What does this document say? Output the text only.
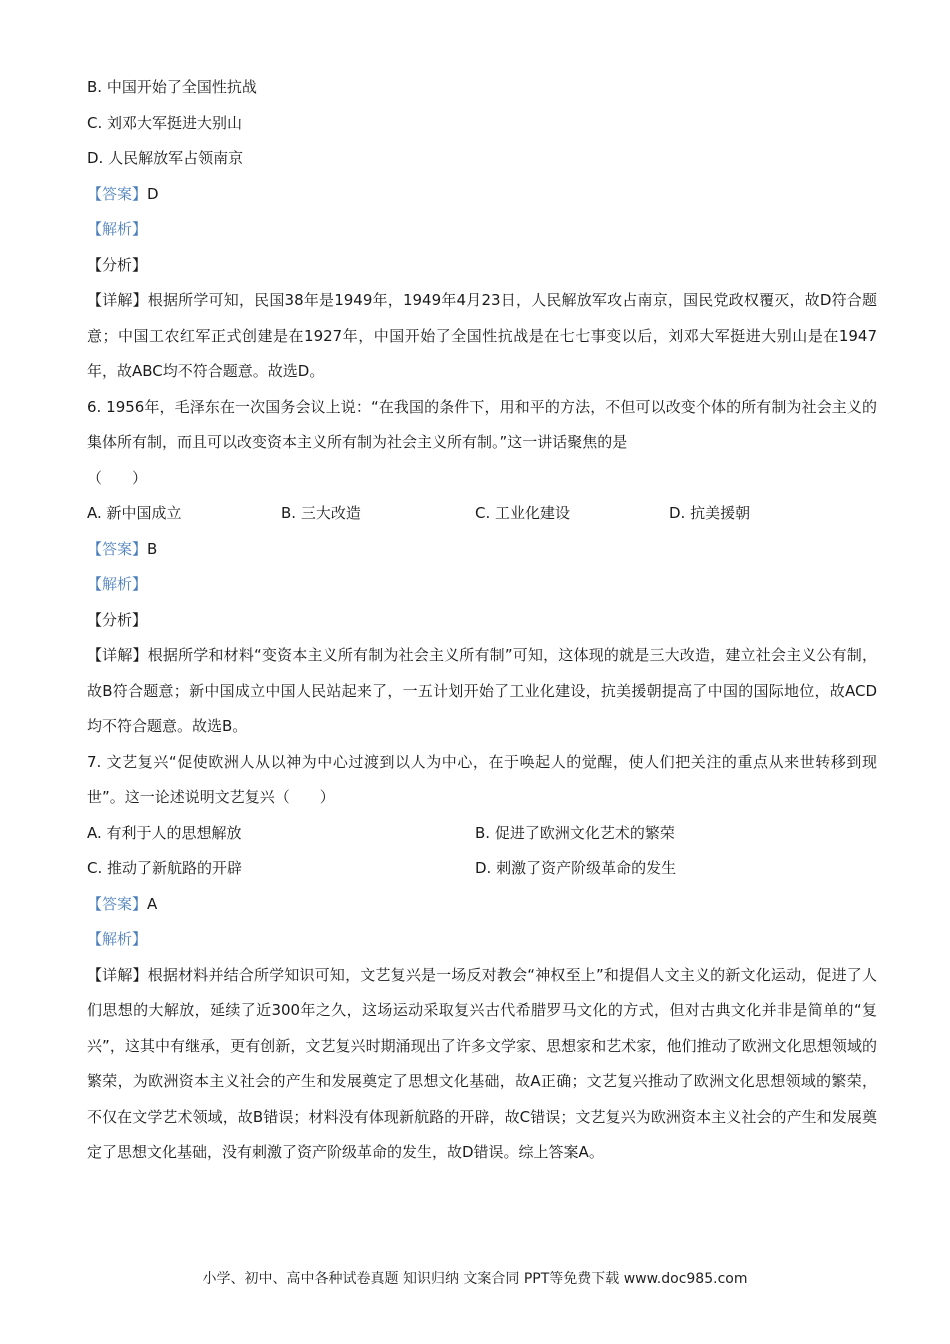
B. 中国开始了全国性抗战
C. 刘邓大军挺进大别山
D. 人民解放军占领南京
【答案】D
【解析】
【分析】
【详解】根据所学可知，民国38年是1949年，1949年4月23日，人民解放军攻占南京，国民党政权覆灭，故D符合题意；中国工农红军正式创建是在1927年，中国开始了全国性抗战是在七七事变以后，刘邓大军挺进大别山是在1947年，故ABC均不符合题意。故选D。
6. 1956年，毛泽东在一次国务会议上说：“在我国的条件下，用和平的方法，不但可以改变个体的所有制为社会主义的集体所有制，而且可以改变资本主义所有制为社会主义所有制。”这一讲话聚焦的是
（　　）
A. 新中国成立	B. 三大改造	C. 工业化建设	D. 抗美援朝
【答案】B
【解析】
【分析】
【详解】根据所学和材料“变资本主义所有制为社会主义所有制”可知，这体现的就是三大改造，建立社会主义公有制，故B符合题意；新中国成立中国人民站起来了，一五计划开始了工业化建设，抗美援朝提高了中国的国际地位，故ACD均不符合题意。故选B。
7. 文艺复兴“促使欧洲人从以神为中心过渡到以人为中心，在于唤起人的觉醒，使人们把关注的重点从来世转移到现世”。这一论述说明文艺复兴（　　）
A. 有利于人的思想解放	B. 促进了欧洲文化艺术的繁荣
C. 推动了新航路的开辟	D. 刺激了资产阶级革命的发生
【答案】A
【解析】
【详解】根据材料并结合所学知识可知，文艺复兴是一场反对教会“神权至上”和提倡人文主义的新文化运动，促进了人们思想的大解放，延续了近300年之久，这场运动采取复兴古代希腊罗马文化的方式，但对古典文化并非是简单的“复兴”，这其中有继承，更有创新，文艺复兴时期涌现出了许多文学家、思想家和艺术家，他们推动了欧洲文化思想领域的繁荣，为欧洲资本主义社会的产生和发展奠定了思想文化基础，故A正确；文艺复兴推动了欧洲文化思想领域的繁荣，不仅在文学艺术领域，故B错误；材料没有体现新航路的开辟，故C错误；文艺复兴为欧洲资本主义社会的产生和发展奠定了思想文化基础，没有刺激了资产阶级革命的发生，故D错误。综上答案A。
小学、初中、高中各种试卷真题 知识归纳 文案合同 PPT等免费下载 www.doc985.com
